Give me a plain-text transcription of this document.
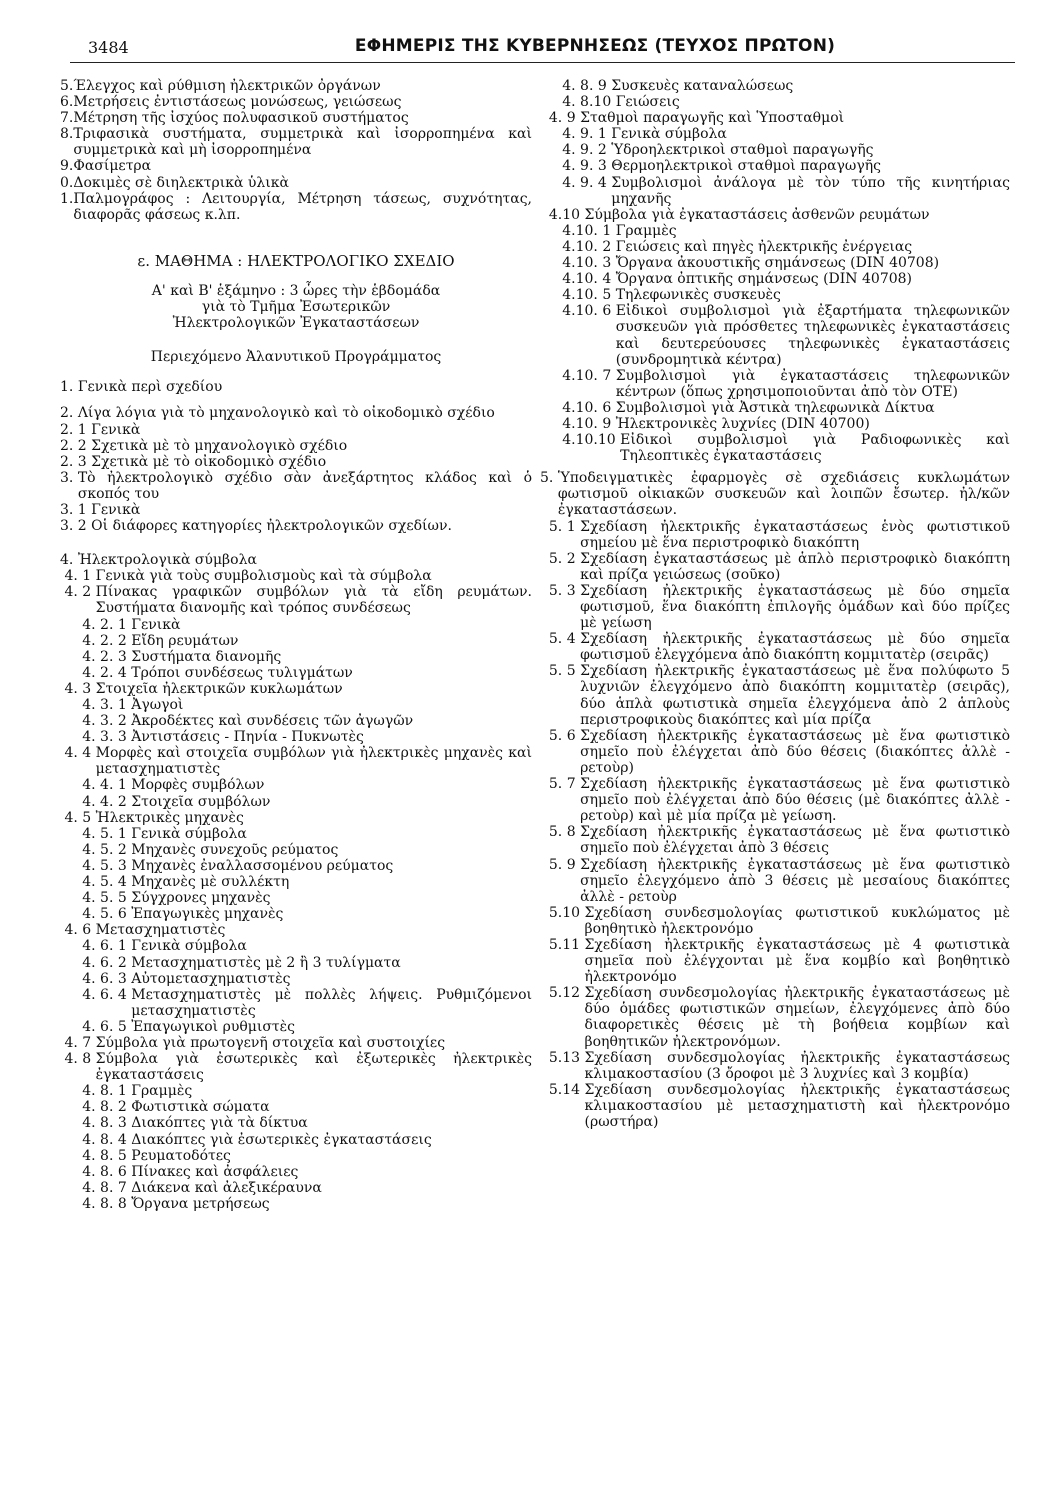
3484	ΕΦΗΜΕΡΙΣ ΤΗΣ ΚΥΒΕΡΝΗΣΕΩΣ (ΤΕΥΧΟΣ ΠΡΩΤΟΝ)
5. Έλεγχος καὶ ρύθμιση ἠλεκτρικῶν ὀργάνων
6. Μετρήσεις ἐντιστάσεως μονώσεως, γειώσεως
7. Μέτρηση τῆς ἰσχύος πολυφασικοῦ συστήματος
8. Τριφασικὰ συστήματα, συμμετρικὰ καὶ ἰσορροπημένα καὶ συμμετρικὰ καὶ μὴ ἰσορροπημένα
9. Φασίμετρα
0. Δοκιμὲς σὲ διηλεκτρικὰ ὑλικὰ
1. Παλμογράφος : Λειτουργία, Μέτρηση τάσεως, συχνότητας, διαφορᾶς φάσεως κ.λπ.
ε. ΜΑΘΗΜΑ : ΗΛΕΚΤΡΟΛΟΓΙΚΟ ΣΧΕΔΙΟ
Α' καὶ Β' ἑξάμηνο : 3 ὧρες τὴν ἑβδομάδα
γιὰ τὸ Τμῆμα Ἐσωτερικῶν
Ἠλεκτρολογικῶν Ἐγκαταστάσεων
Περιεχόμενο Ἀλανυτικοῦ Προγράμματος
1. Γενικὰ περὶ σχεδίου
2. Λίγα λόγια γιὰ τὸ μηχανολογικὸ καὶ τὸ οἰκοδομικὸ σχέδιο
2. 1 Γενικὰ
2. 2 Σχετικὰ μὲ τὸ μηχανολογικὸ σχέδιο
2. 3 Σχετικὰ μὲ τὸ οἰκοδομικὸ σχέδιο
3. Τὸ ἠλεκτρολογικὸ σχέδιο σὰν ἀνεξάρτητος κλάδος καὶ ὁ σκοπός του
3. 1 Γενικὰ
3. 2 Οἱ διάφορες κατηγορίες ἠλεκτρολογικῶν σχεδίων.
4. Ἠλεκτρολογικὰ σύμβολα
4. 1 Γενικὰ γιὰ τοὺς συμβολισμοὺς καὶ τὰ σύμβολα
4. 2 Πίνακας γραφικῶν συμβόλων γιὰ τὰ εἴδη ρευμάτων. Συστήματα διανομῆς καὶ τρόπος συνδέσεως
4. 2. 1 Γενικὰ
4. 2. 2 Εἴδη ρευμάτων
4. 2. 3 Συστήματα διανομῆς
4. 2. 4 Τρόποι συνδέσεως τυλιγμάτων
4. 3 Στοιχεῖα ἠλεκτρικῶν κυκλωμάτων
4. 3. 1 Ἀγωγοὶ
4. 3. 2 Ἀκροδέκτες καὶ συνδέσεις τῶν ἀγωγῶν
4. 3. 3 Ἀντιστάσεις - Πηνία - Πυκνωτὲς
4. 4 Μορφὲς καὶ στοιχεῖα συμβόλων γιὰ ἠλεκτρικὲς μηχανὲς καὶ μετασχηματιστὲς
4. 4. 1 Μορφὲς συμβόλων
4. 4. 2 Στοιχεῖα συμβόλων
4. 5 Ἠλεκτρικὲς μηχανὲς
4. 5. 1 Γενικὰ σύμβολα
4. 5. 2 Μηχανὲς συνεχοῦς ρεύματος
4. 5. 3 Μηχανὲς ἐναλλασσομένου ρεύματος
4. 5. 4 Μηχανὲς μὲ συλλέκτη
4. 5. 5 Σύγχρονες μηχανὲς
4. 5. 6 Ἐπαγωγικὲς μηχανὲς
4. 6 Μετασχηματιστὲς
4. 6. 1 Γενικὰ σύμβολα
4. 6. 2 Μετασχηματιστὲς μὲ 2 ἢ 3 τυλίγματα
4. 6. 3 Αὐτομετασχηματιστὲς
4. 6. 4 Μετασχηματιστὲς μὲ πολλὲς λήψεις. Ρυθμιζόμενοι μετασχηματιστὲς
4. 6. 5 Ἐπαγωγικοὶ ρυθμιστὲς
4. 7 Σύμβολα γιὰ πρωτογενῆ στοιχεῖα καὶ συστοιχίες
4. 8 Σύμβολα γιὰ ἐσωτερικὲς καὶ ἐξωτερικὲς ἠλεκτρικὲς ἐγκαταστάσεις
4. 8. 1 Γραμμὲς
4. 8. 2 Φωτιστικὰ σώματα
4. 8. 3 Διακόπτες γιὰ τὰ δίκτυα
4. 8. 4 Διακόπτες γιὰ ἐσωτερικὲς ἐγκαταστάσεις
4. 8. 5 Ρευματοδότες
4. 8. 6 Πίνακες καὶ ἀσφάλειες
4. 8. 7 Διάκενα καὶ ἀλεξικέραυνα
4. 8. 8 Ὄργανα μετρήσεως
4. 8. 9 Συσκευὲς καταναλώσεως
4. 8.10 Γειώσεις
4. 9 Σταθμοὶ παραγωγῆς καὶ Ὑποσταθμοὶ
4. 9. 1 Γενικὰ σύμβολα
4. 9. 2 Ὑδροηλεκτρικοὶ σταθμοὶ παραγωγῆς
4. 9. 3 Θερμοηλεκτρικοὶ σταθμοὶ παραγωγῆς
4. 9. 4 Συμβολισμοὶ ἀνάλογα μὲ τὸν τύπο τῆς κινητήριας μηχανῆς
4.10 Σύμβολα γιὰ ἐγκαταστάσεις ἀσθενῶν ρευμάτων
4.10. 1 Γραμμὲς
4.10. 2 Γειώσεις καὶ πηγὲς ἠλεκτρικῆς ἐνέργειας
4.10. 3 Ὄργανα ἀκουστικῆς σημάνσεως (DIN 40708)
4.10. 4 Ὄργανα ὀπτικῆς σημάνσεως (DIN 40708)
4.10. 5 Τηλεφωνικὲς συσκευὲς
4.10. 6 Εἰδικοὶ συμβολισμοὶ γιὰ ἐξαρτήματα τηλεφωνικῶν συσκευῶν γιὰ πρόσθετες τηλεφωνικὲς ἐγκαταστάσεις καὶ δευτερεύουσες τηλεφωνικὲς ἐγκαταστάσεις (συνδρομητικὰ κέντρα)
4.10. 7 Συμβολισμοὶ γιὰ ἐγκαταστάσεις τηλεφωνικῶν κέντρων (ὅπως χρησιμοποιοῦνται ἀπὸ τὸν ΟΤΕ)
4.10. 6 Συμβολισμοὶ γιὰ Ἀστικὰ τηλεφωνικὰ Δίκτυα
4.10. 9 Ἠλεκτρονικὲς λυχνίες (DIN 40700)
4.10.10 Εἰδικοὶ συμβολισμοὶ γιὰ Ραδιοφωνικὲς καὶ Τηλεοπτικὲς ἐγκαταστάσεις
5. Ὑποδειγματικὲς ἐφαρμογὲς σὲ σχεδιάσεις κυκλωμάτων φωτισμοῦ οἰκιακῶν συσκευῶν καὶ λοιπῶν ἔσωτερ. ἠλ/κῶν ἐγκαταστάσεων.
5. 1 Σχεδίαση ἠλεκτρικῆς ἐγκαταστάσεως ἑνὸς φωτιστικοῦ σημείου μὲ ἕνα περιστροφικὸ διακόπτη
5. 2 Σχεδίαση ἐγκαταστάσεως μὲ ἁπλὸ περιστροφικὸ διακόπτη καὶ πρίζα γειώσεως (σοῦκο)
5. 3 Σχεδίαση ἠλεκτρικῆς ἐγκαταστάσεως μὲ δύο σημεῖα φωτισμοῦ, ἕνα διακόπτη ἐπιλογῆς ὁμάδων καὶ δύο πρίζες μὲ γείωση
5. 4 Σχεδίαση ἠλεκτρικῆς ἐγκαταστάσεως μὲ δύο σημεῖα φωτισμοῦ ἐλεγχόμενα ἀπὸ διακόπτη κομμιτατὲρ (σειρᾶς)
5. 5 Σχεδίαση ἠλεκτρικῆς ἐγκαταστάσεως μὲ ἕνα πολύφωτο 5 λυχνιῶν ἐλεγχόμενο ἀπὸ διακόπτη κομμιτατὲρ (σειρᾶς), δύο ἁπλὰ φωτιστικὰ σημεῖα ἐλεγχόμενα ἀπὸ 2 ἁπλοὺς περιστροφικοὺς διακόπτες καὶ μία πρίζα
5. 6 Σχεδίαση ἠλεκτρικῆς ἐγκαταστάσεως μὲ ἕνα φωτιστικὸ σημεῖο ποὺ ἐλέγχεται ἀπὸ δύο θέσεις (διακόπτες ἀλλὲ - ρετοὺρ)
5. 7 Σχεδίαση ἠλεκτρικῆς ἐγκαταστάσεως μὲ ἕνα φωτιστικὸ σημεῖο ποὺ ἐλέγχεται ἀπὸ δύο θέσεις (μὲ διακόπτες ἀλλὲ - ρετοὺρ) καὶ μὲ μία πρίζα μὲ γείωση.
5. 8 Σχεδίαση ἠλεκτρικῆς ἐγκαταστάσεως μὲ ἕνα φωτιστικὸ σημεῖο ποὺ ἐλέγχεται ἀπὸ 3 θέσεις
5. 9 Σχεδίαση ἠλεκτρικῆς ἐγκαταστάσεως μὲ ἕνα φωτιστικὸ σημεῖο ἐλεγχόμενο ἀπὸ 3 θέσεις μὲ μεσαίους διακόπτες ἀλλὲ - ρετοὺρ
5.10 Σχεδίαση συνδεσμολογίας φωτιστικοῦ κυκλώματος μὲ βοηθητικὸ ἠλεκτρονόμο
5.11 Σχεδίαση ἠλεκτρικῆς ἐγκαταστάσεως μὲ 4 φωτιστικὰ σημεῖα ποὺ ἐλέγχονται μὲ ἕνα κομβίο καὶ βοηθητικὸ ἠλεκτρονόμο
5.12 Σχεδίαση συνδεσμολογίας ἠλεκτρικῆς ἐγκαταστάσεως μὲ δύο ὁμάδες φωτιστικῶν σημείων, ἐλεγχόμενες ἀπὸ δύο διαφορετικὲς θέσεις μὲ τὴ βοήθεια κομβίων καὶ βοηθητικῶν ἠλεκτρονόμων.
5.13 Σχεδίαση συνδεσμολογίας ἠλεκτρικῆς ἐγκαταστάσεως κλιμακοστασίου (3 ὄροφοι μὲ 3 λυχνίες καὶ 3 κομβία)
5.14 Σχεδίαση συνδεσμολογίας ἠλεκτρικῆς ἐγκαταστάσεως κλιμακοστασίου μὲ μετασχηματιστὴ καὶ ἠλεκτρονόμο (ρωστήρα)
